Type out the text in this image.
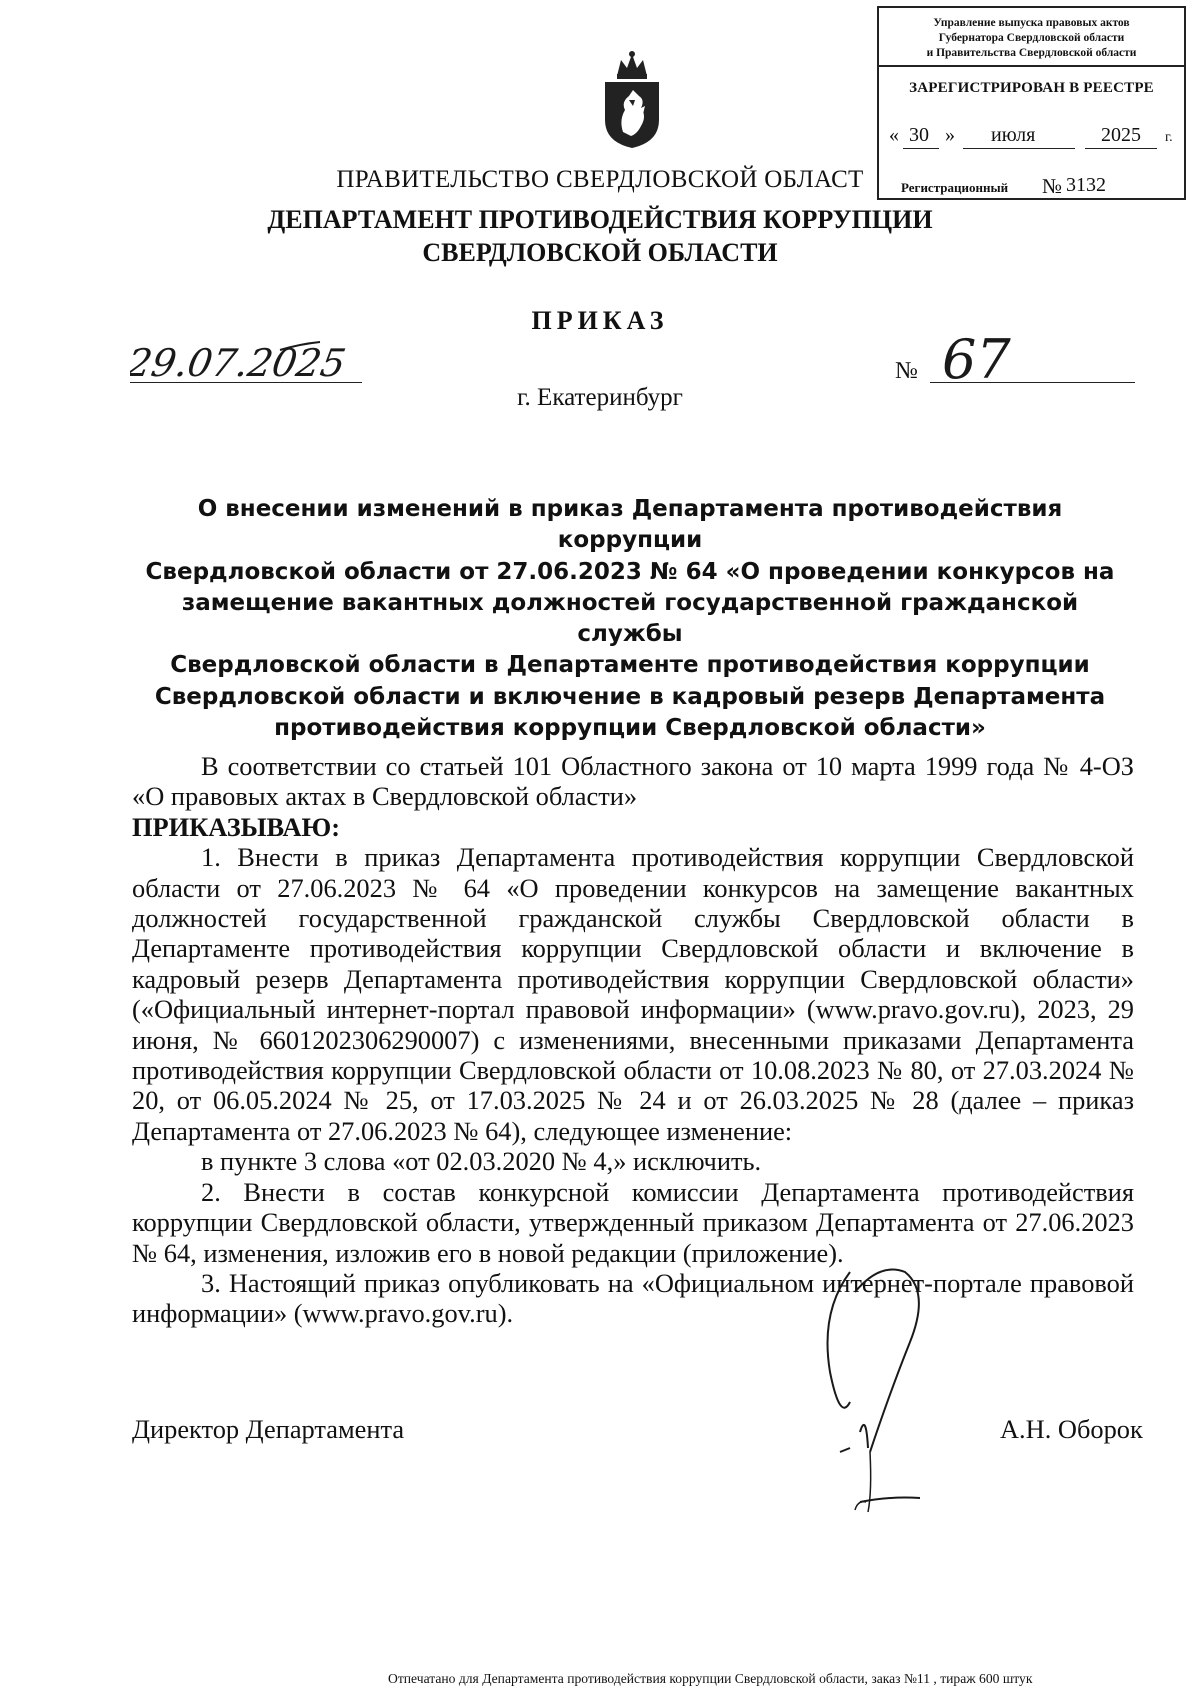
Управление выпуска правовых актов
Губернатора Свердловской области
и Правительства Свердловской области
ЗАРЕГИСТРИРОВАН В РЕЕСТРЕ
« 30 » июля	2025 г.
Регистрационный № 3132
ПРАВИТЕЛЬСТВО СВЕРДЛОВСКОЙ ОБЛАСТ
ДЕПАРТАМЕНТ ПРОТИВОДЕЙСТВИЯ КОРРУПЦИИ
СВЕРДЛОВСКОЙ ОБЛАСТИ
ПРИКАЗ
29.07.2025	№ 67
г. Екатеринбург
О внесении изменений в приказ Департамента противодействия коррупции
Свердловской области от 27.06.2023 № 64 «О проведении конкурсов на
замещение вакантных должностей государственной гражданской службы
Свердловской области в Департаменте противодействия коррупции
Свердловской области и включение в кадровый резерв Департамента
противодействия коррупции Свердловской области»

В соответствии со статьей 101 Областного закона от 10 марта 1999 года № 4-ОЗ «О правовых актах в Свердловской области»

ПРИКАЗЫВАЮ:

1. Внести в приказ Департамента противодействия коррупции Свердловской области от 27.06.2023 № 64 «О проведении конкурсов на замещение вакантных должностей государственной гражданской службы Свердловской области в Департаменте противодействия коррупции Свердловской области и включение в кадровый резерв Департамента противодействия коррупции Свердловской области» («Официальный интернет-портал правовой информации» (www.pravo.gov.ru), 2023, 29 июня, № 6601202306290007) с изменениями, внесенными приказами Департамента противодействия коррупции Свердловской области от 10.08.2023 № 80, от 27.03.2024 № 20, от 06.05.2024 № 25, от 17.03.2025 № 24 и от 26.03.2025 № 28 (далее – приказ Департамента от 27.06.2023 № 64), следующее изменение:

в пункте 3 слова «от 02.03.2020 № 4,» исключить.

2. Внести в состав конкурсной комиссии Департамента противодействия коррупции Свердловской области, утвержденный приказом Департамента от 27.06.2023 № 64, изменения, изложив его в новой редакции (приложение).

3. Настоящий приказ опубликовать на «Официальном интернет-портале правовой информации» (www.pravo.gov.ru).

Директор Департамента	А.Н. Оборок
Отпечатано для Департамента противодействия коррупции Свердловской области, заказ №11 , тираж 600 штук
